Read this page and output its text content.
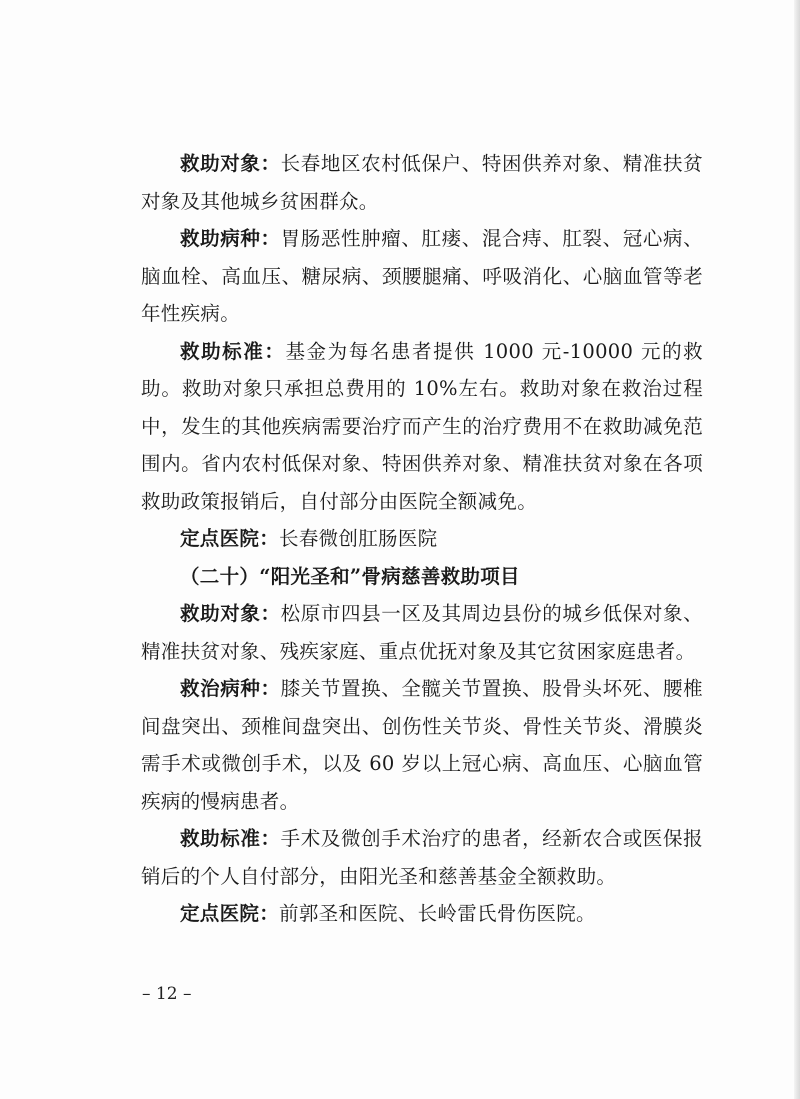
救助对象：长春地区农村低保户、特困供养对象、精准扶贫对象及其他城乡贫困群众。

救助病种：胃肠恶性肿瘤、肛瘘、混合痔、肛裂、冠心病、脑血栓、高血压、糖尿病、颈腰腿痛、呼吸消化、心脑血管等老年性疾病。

救助标准：基金为每名患者提供 1000 元-10000 元的救助。救助对象只承担总费用的 10%左右。救助对象在救治过程中，发生的其他疾病需要治疗而产生的治疗费用不在救助减免范围内。省内农村低保对象、特困供养对象、精准扶贫对象在各项救助政策报销后，自付部分由医院全额减免。

定点医院：长春微创肛肠医院

（二十）“阳光圣和”骨病慈善救助项目

救助对象：松原市四县一区及其周边县份的城乡低保对象、精准扶贫对象、残疾家庭、重点优抚对象及其它贫困家庭患者。

救治病种：膝关节置换、全髋关节置换、股骨头坏死、腰椎间盘突出、颈椎间盘突出、创伤性关节炎、骨性关节炎、滑膜炎需手术或微创手术，以及 60 岁以上冠心病、高血压、心脑血管疾病的慢病患者。

救助标准：手术及微创手术治疗的患者，经新农合或医保报销后的个人自付部分，由阳光圣和慈善基金全额救助。

定点医院：前郭圣和医院、长岭雷氏骨伤医院。

– 12 –
